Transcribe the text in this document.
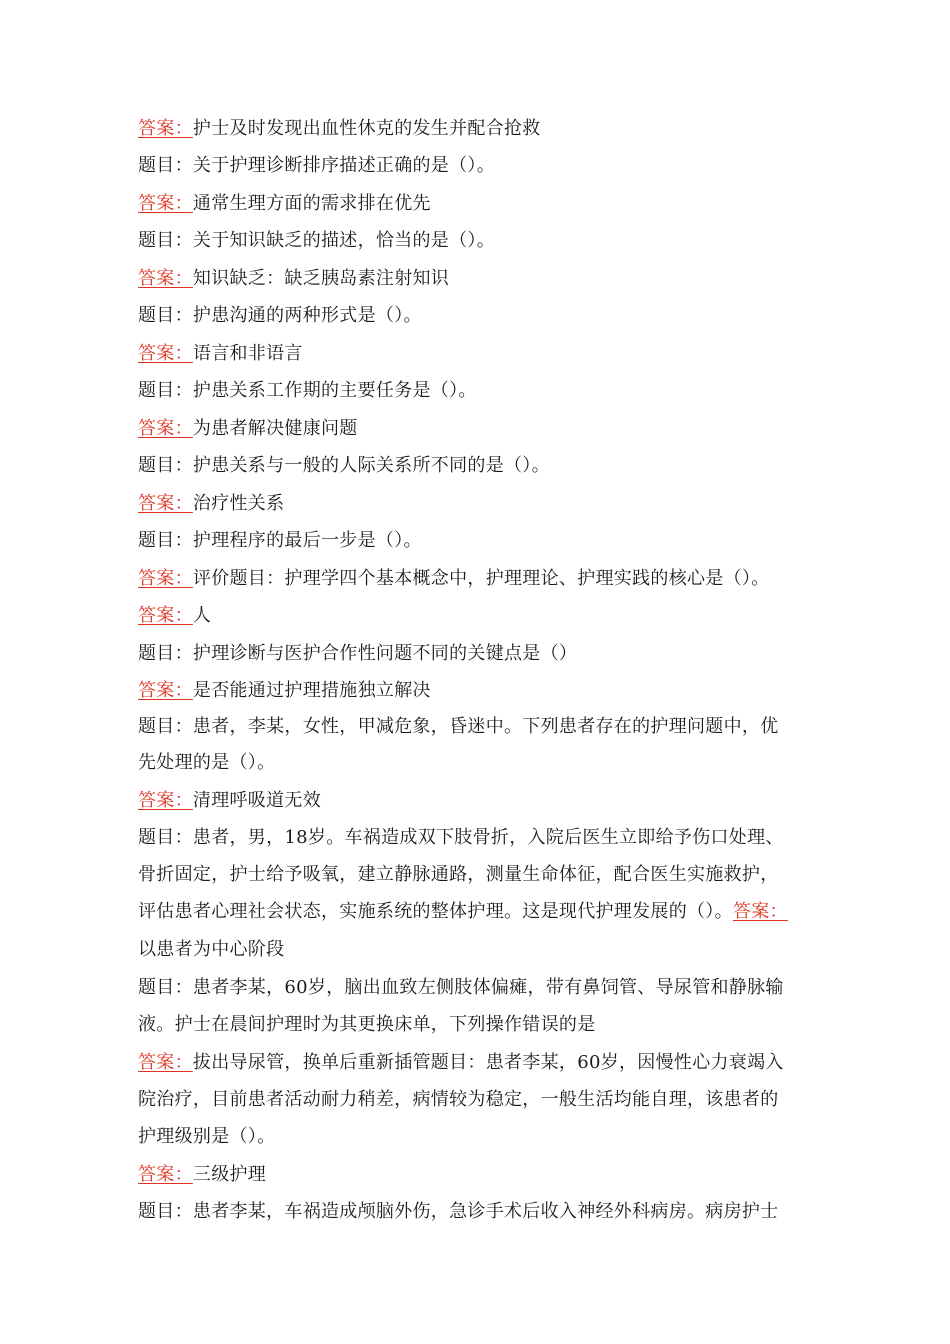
答案：护士及时发现出血性休克的发生并配合抢救
题目：关于护理诊断排序描述正确的是（）。
答案：通常生理方面的需求排在优先
题目：关于知识缺乏的描述，恰当的是（）。
答案：知识缺乏：缺乏胰岛素注射知识
题目：护患沟通的两种形式是（）。
答案：语言和非语言
题目：护患关系工作期的主要任务是（）。
答案：为患者解决健康问题
题目：护患关系与一般的人际关系所不同的是（）。
答案：治疗性关系
题目：护理程序的最后一步是（）。
答案：评价题目：护理学四个基本概念中，护理理论、护理实践的核心是（）。
答案：人
题目：护理诊断与医护合作性问题不同的关键点是（）
答案：是否能通过护理措施独立解决
题目：患者，李某，女性，甲减危象，昏迷中。下列患者存在的护理问题中，优
先处理的是（）。
答案：清理呼吸道无效
题目：患者，男，18岁。车祸造成双下肢骨折，入院后医生立即给予伤口处理、
骨折固定，护士给予吸氧，建立静脉通路，测量生命体征，配合医生实施救护，
评估患者心理社会状态，实施系统的整体护理。这是现代护理发展的（）。答案：
以患者为中心阶段
题目：患者李某，60岁，脑出血致左侧肢体偏瘫，带有鼻饲管、导尿管和静脉输
液。护士在晨间护理时为其更换床单，下列操作错误的是
答案：拔出导尿管，换单后重新插管题目：患者李某，60岁，因慢性心力衰竭入
院治疗，目前患者活动耐力稍差，病情较为稳定，一般生活均能自理，该患者的
护理级别是（）。
答案：三级护理
题目：患者李某，车祸造成颅脑外伤，急诊手术后收入神经外科病房。病房护士
